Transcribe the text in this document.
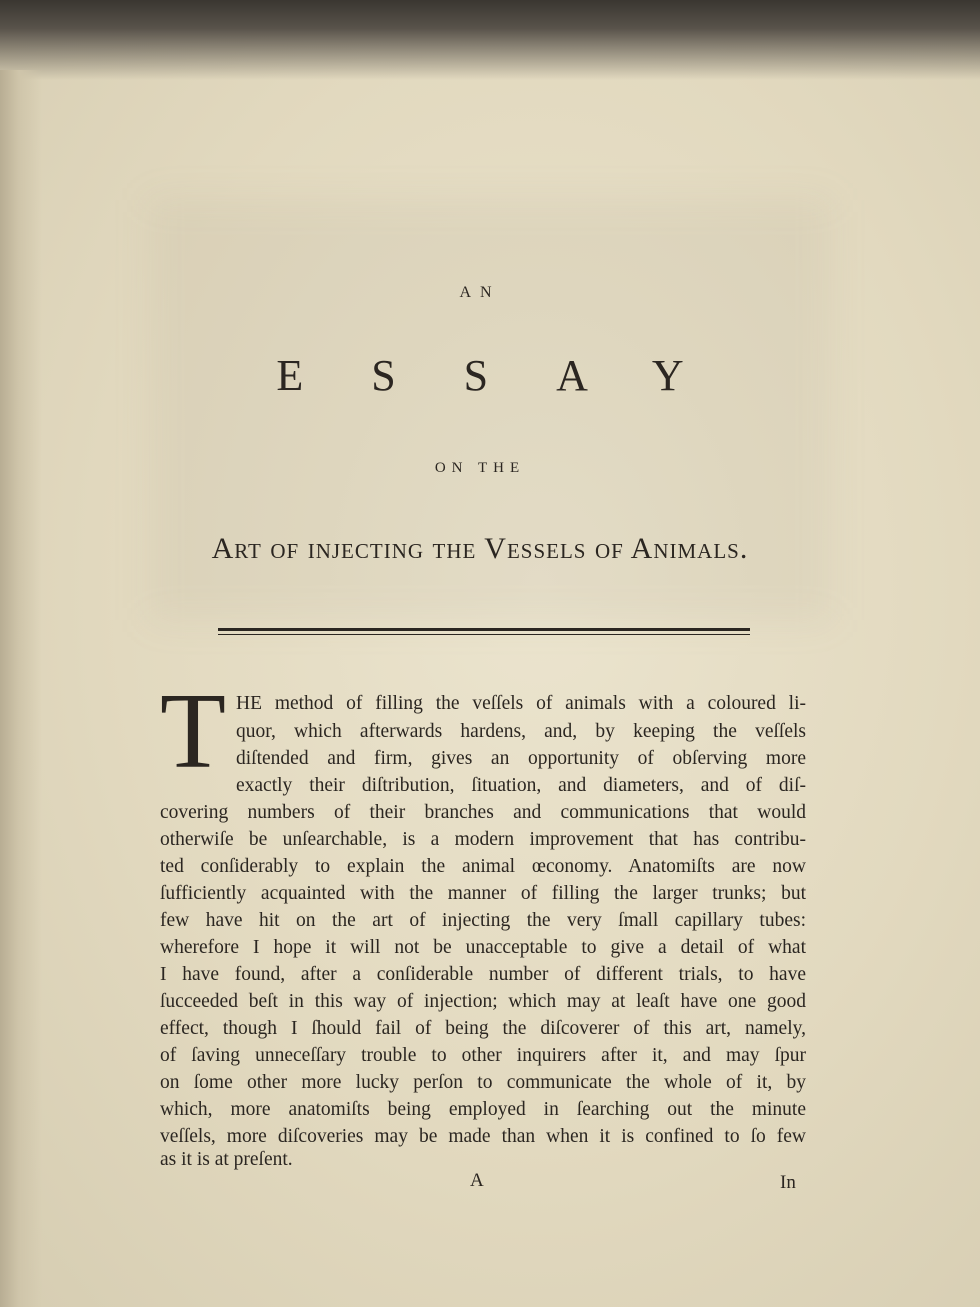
AN
ESSAY
ON THE
Art of injecting the Vessels of Animals.
T HE method of filling the veſſels of animals with a coloured li-
quor, which afterwards hardens, and, by keeping the veſſels
diſtended and firm, gives an opportunity of obſerving more
exactly their diſtribution, ſituation, and diameters, and of diſ-
covering numbers of their branches and communications that would
otherwiſe be unſearchable, is a modern improvement that has contribu-
ted conſiderably to explain the animal œconomy. Anatomiſts are now
ſufficiently acquainted with the manner of filling the larger trunks; but
few have hit on the art of injecting the very ſmall capillary tubes:
wherefore I hope it will not be unacceptable to give a detail of what
I have found, after a conſiderable number of different trials, to have
ſucceeded beſt in this way of injection; which may at leaſt have one good
effect, though I ſhould fail of being the diſcoverer of this art, namely,
of ſaving unneceſſary trouble to other inquirers after it, and may ſpur
on ſome other more lucky perſon to communicate the whole of it, by
which, more anatomiſts being employed in ſearching out the minute
veſſels, more diſcoveries may be made than when it is confined to ſo few
as it is at preſent.
A	In
